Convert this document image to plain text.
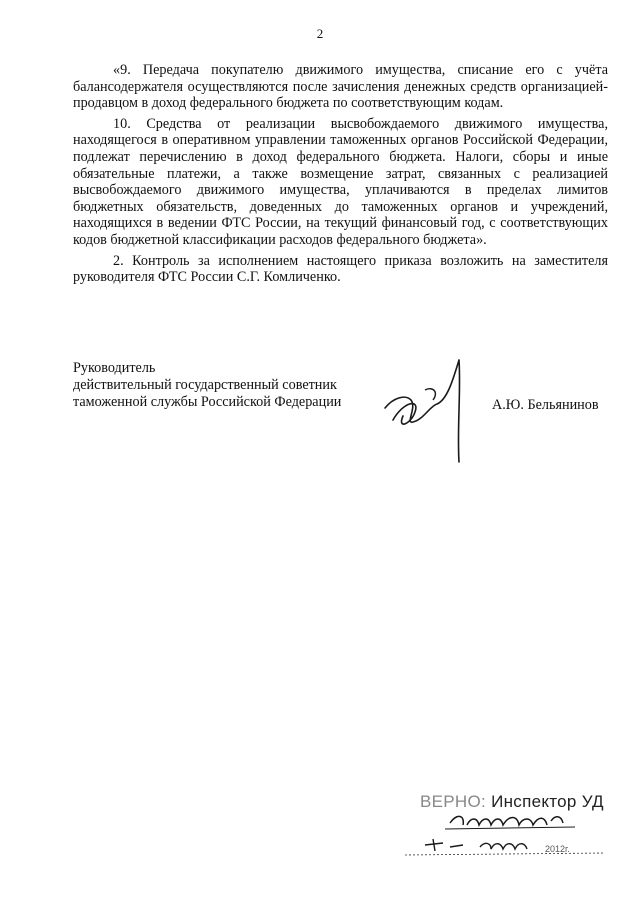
2

«9. Передача покупателю движимого имущества, списание его с учёта балансодержателя осуществляются после зачисления денежных средств организацией-продавцом в доход федерального бюджета по соответствующим кодам.

10. Средства от реализации высвобождаемого движимого имущества, находящегося в оперативном управлении таможенных органов Российской Федерации, подлежат перечислению в доход федерального бюджета. Налоги, сборы и иные обязательные платежи, а также возмещение затрат, связанных с реализацией высвобождаемого движимого имущества, уплачиваются в пределах лимитов бюджетных обязательств, доведенных до таможенных органов и учреждений, находящихся в ведении ФТС России, на текущий финансовый год, с соответствующих кодов бюджетной классификации расходов федерального бюджета».

2. Контроль за исполнением настоящего приказа возложить на заместителя руководителя ФТС России С.Г. Комличенко.

Руководитель
действительный государственный советник
таможенной службы Российской Федерации	А.Ю. Бельянинов
ВЕРНО: Инспектор УД
2012г.
